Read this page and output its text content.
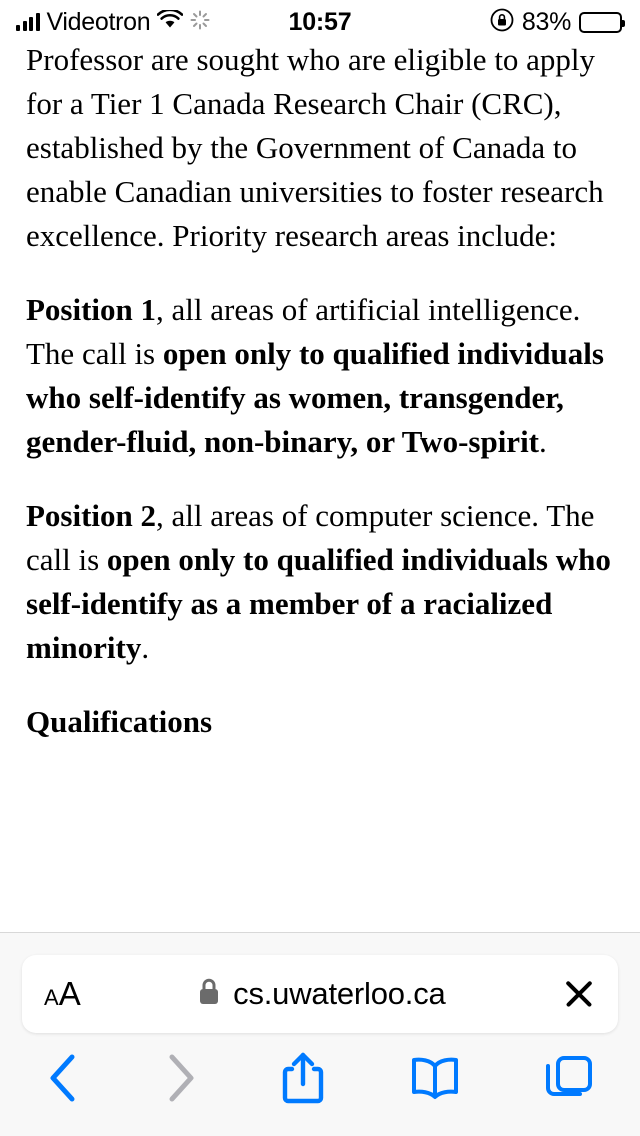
Videotron	10:57	83%

Professor are sought who are eligible to apply for a Tier 1 Canada Research Chair (CRC), established by the Government of Canada to enable Canadian universities to foster research excellence. Priority research areas include:

Position 1, all areas of artificial intelligence. The call is open only to qualified individuals who self-identify as women, transgender, gender-fluid, non-binary, or Two-spirit.

Position 2, all areas of computer science. The call is open only to qualified individuals who self-identify as a member of a racialized minority.

Qualifications

A A	cs.uwaterloo.ca
